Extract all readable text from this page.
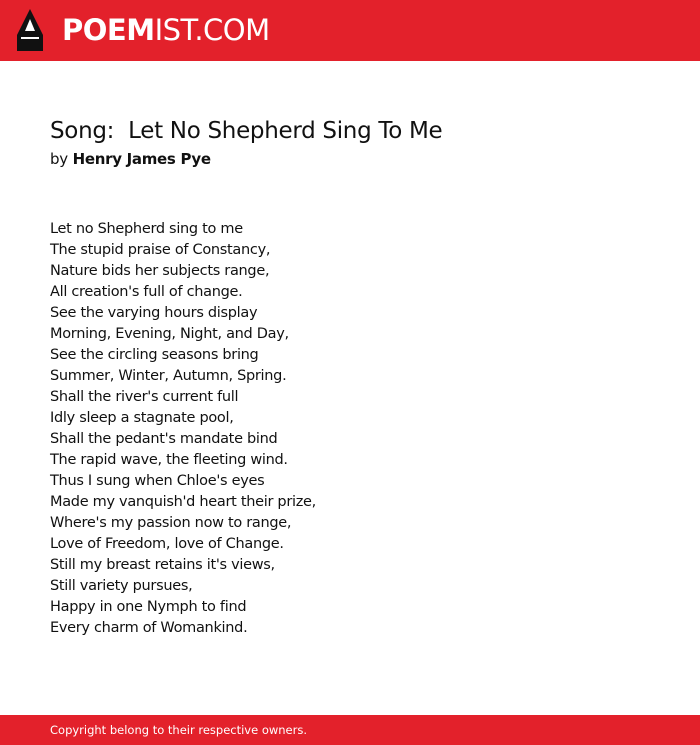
POEMIST.COM
Song:  Let No Shepherd Sing To Me
by Henry James Pye
Let no Shepherd sing to me
The stupid praise of Constancy,
Nature bids her subjects range,
All creation's full of change.
See the varying hours display
Morning, Evening, Night, and Day,
See the circling seasons bring
Summer, Winter, Autumn, Spring.
Shall the river's current full
Idly sleep a stagnate pool,
Shall the pedant's mandate bind
The rapid wave, the fleeting wind.
Thus I sung when Chloe's eyes
Made my vanquish'd heart their prize,
Where's my passion now to range,
Love of Freedom, love of Change.
Still my breast retains it's views,
Still variety pursues,
Happy in one Nymph to find
Every charm of Womankind.
Copyright belong to their respective owners.
